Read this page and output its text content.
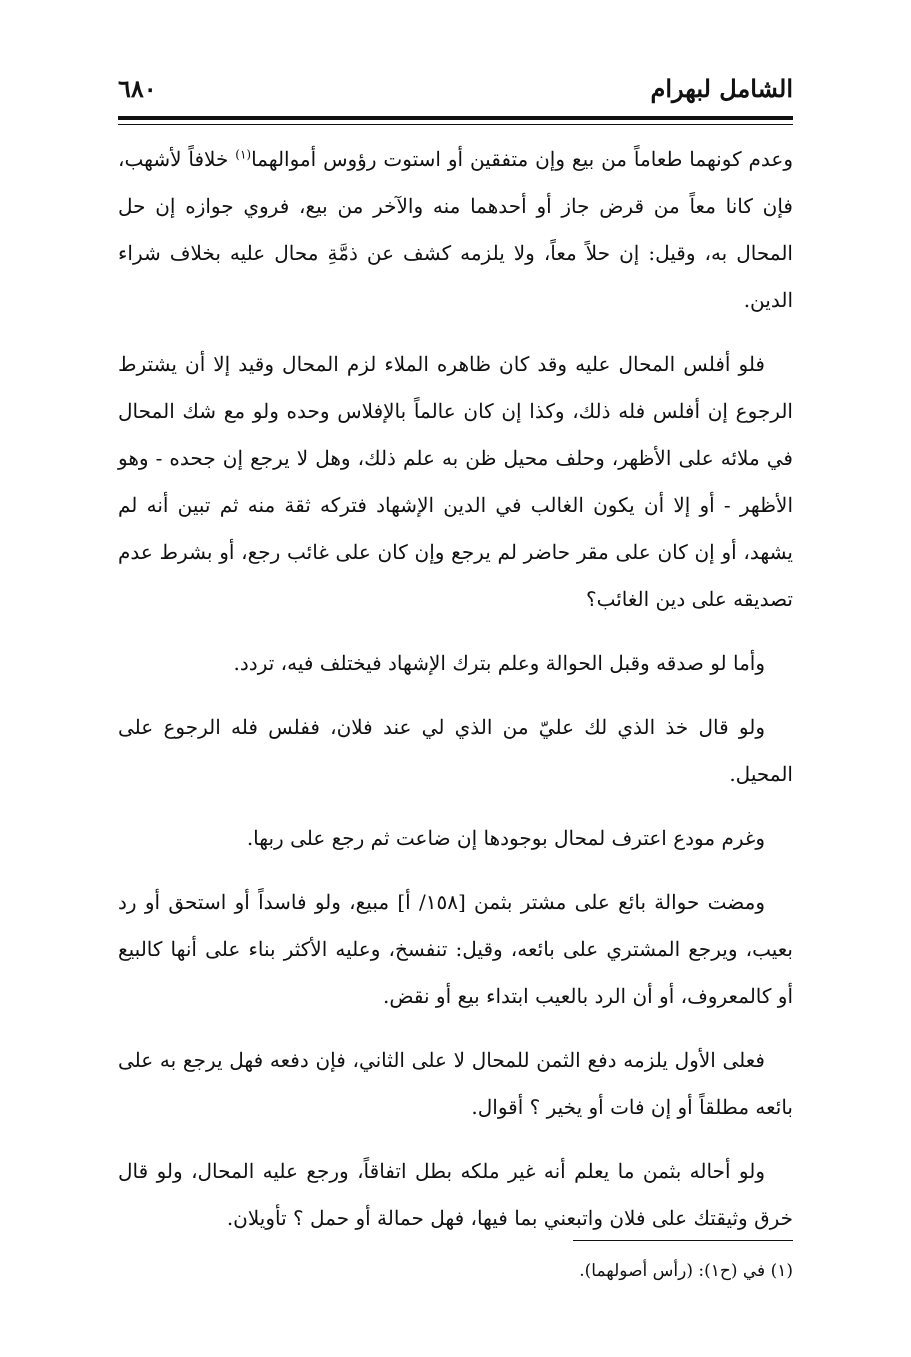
الشامل لبهرام
٦٨٠

وعدم كونهما طعاماً من بيع وإن متفقين أو استوت رؤوس أموالهما$^{(١)}$ خلافاً لأشهب، فإن كانا معاً من قرض جاز أو أحدهما منه والآخر من بيع، فروي جوازه إن حل المحال به، وقيل: إن حلاً معاً، ولا يلزمه كشف عن ذمَّةِ محال عليه بخلاف شراء الدين.

فلو أفلس المحال عليه وقد كان ظاهره الملاء لزم المحال وقيد إلا أن يشترط الرجوع إن أفلس فله ذلك، وكذا إن كان عالماً بالإفلاس وحده ولو مع شك المحال في ملائه على الأظهر، وحلف محيل ظن به علم ذلك، وهل لا يرجع إن جحده - وهو الأظهر - أو إلا أن يكون الغالب في الدين الإشهاد فتركه ثقة منه ثم تبين أنه لم يشهد، أو إن كان على مقر حاضر لم يرجع وإن كان على غائب رجع، أو بشرط عدم تصديقه على دين الغائب؟

وأما لو صدقه وقبل الحوالة وعلم بترك الإشهاد فيختلف فيه، تردد.

ولو قال خذ الذي لك عليّ من الذي لي عند فلان، ففلس فله الرجوع على المحيل.

وغرم مودع اعترف لمحال بوجودها إن ضاعت ثم رجع على ربها.

ومضت حوالة بائع على مشتر بثمن [١٥٨/ أ] مبيع، ولو فاسداً أو استحق أو رد بعيب، ويرجع المشتري على بائعه، وقيل: تنفسخ، وعليه الأكثر بناء على أنها كالبيع أو كالمعروف، أو أن الرد بالعيب ابتداء بيع أو نقض.

فعلى الأول يلزمه دفع الثمن للمحال لا على الثاني، فإن دفعه فهل يرجع به على بائعه مطلقاً أو إن فات أو يخير ؟ أقوال.

ولو أحاله بثمن ما يعلم أنه غير ملكه بطل اتفاقاً، ورجع عليه المحال، ولو قال خرق وثيقتك على فلان واتبعني بما فيها، فهل حمالة أو حمل ؟ تأويلان.

(١) في (ح١): (رأس أصولهما).
